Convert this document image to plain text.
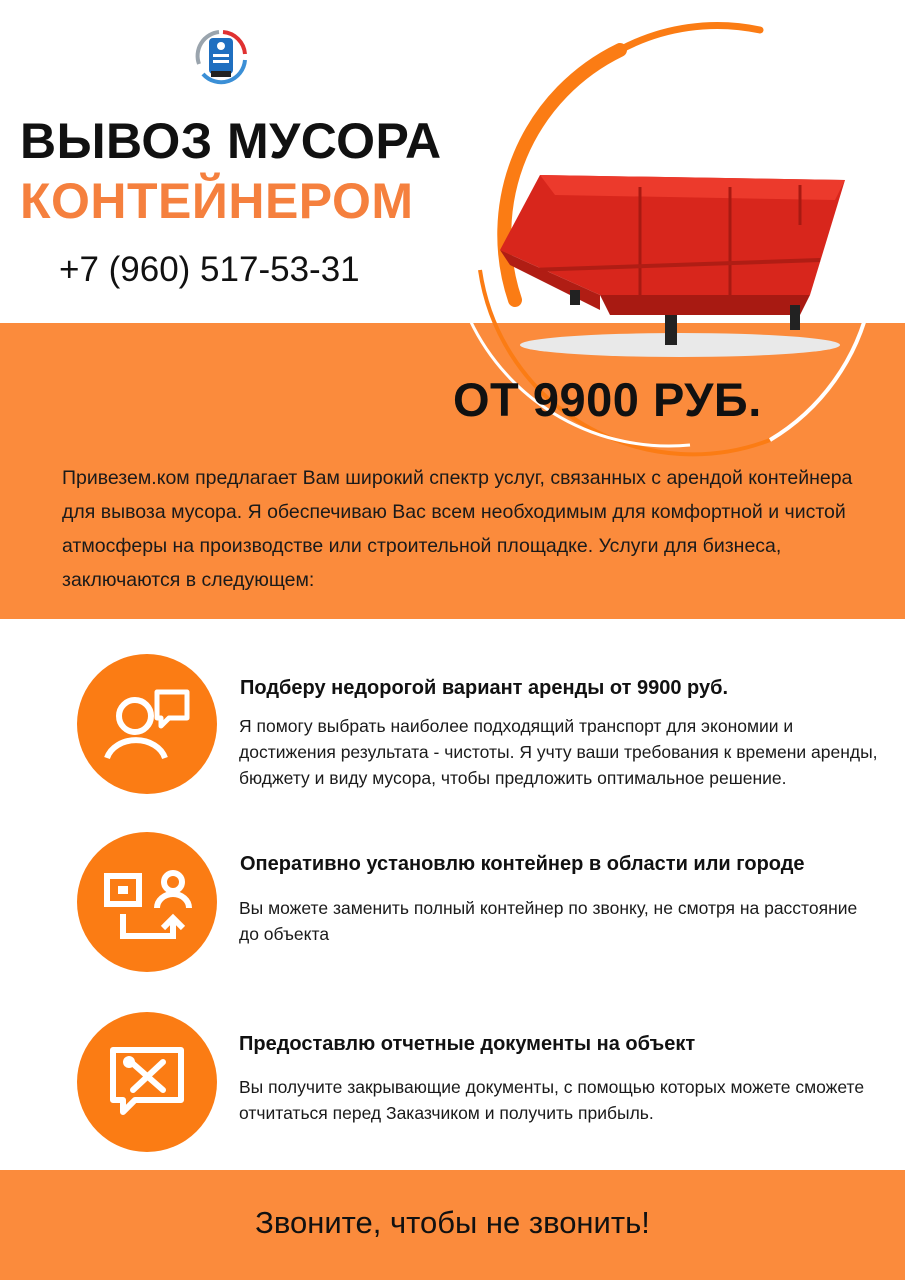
ВЫВОЗ МУСОРА
КОНТЕЙНЕРОМ
+7 (960) 517-53-31
ОТ 9900 РУБ.
Привезем.ком предлагает Вам широкий спектр услуг, связанных с арендой контейнера для вывоза мусора. Я обеспечиваю Вас всем необходимым для комфортной и чистой атмосферы на производстве или строительной площадке. Услуги для бизнеса, заключаются в следующем:
Подберу недорогой вариант аренды от 9900 руб.
Я помогу выбрать наиболее подходящий транспорт для экономии и достижения результата - чистоты. Я учту ваши требования к времени аренды, бюджету и виду мусора, чтобы предложить оптимальное решение.
Оперативно установлю контейнер в области или городе
Вы можете заменить полный контейнер по звонку, не смотря на расстояние до объекта
Предоставлю отчетные документы на объект
Вы получите закрывающие документы, с помощью которых можете сможете отчитаться перед Заказчиком и получить прибыль.
Звоните, чтобы не звонить!
